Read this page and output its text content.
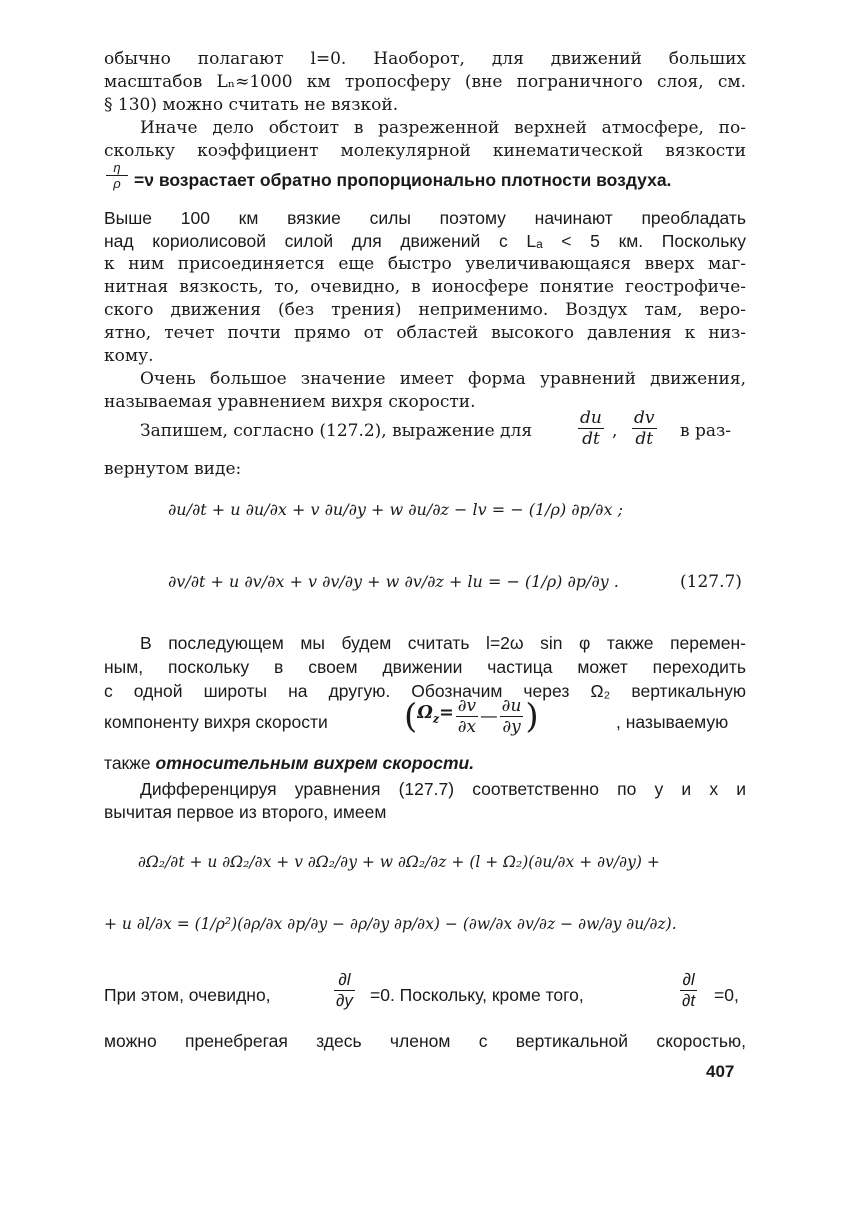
обычно полагают l=0. Наоборот, для движений больших
масштабов Lₙ≈1000 км тропосферу (вне пограничного слоя, см.
§ 130) можно считать не вязкой.
Иначе дело обстоит в разреженной верхней атмосфере, по-
скольку коэффициент молекулярной кинематической вязкости
$\frac{\eta}{\rho} =\nu$ возрастает обратно пропорционально плотности воздуха.
Выше 100 км вязкие силы поэтому начинают преобладать
над кориолисовой силой для движений с Lₐ < 5 км. Поскольку
к ним присоединяется еще быстро увеличивающаяся вверх маг-
нитная вязкость, то, очевидно, в ионосфере понятие геострофиче-
ского движения (без трения) неприменимо. Воздух там, веро-
ятно, течет почти прямо от областей высокого давления к низ-
кому.
Очень большое значение имеет форма уравнений движения,
называемая уравнением вихря скорости.
Запишем, согласно (127.2), выражение для	$\frac{du}{dt}$ , $\frac{dv}{dt}$ в раз-
вернутом виде:
∂u/∂t + u ∂u/∂x + v ∂u/∂y + w ∂u/∂z − lv = − (1/ρ) ∂p/∂x ;
∂v/∂t + u ∂v/∂x + v ∂v/∂y + w ∂v/∂z + lu = − (1/ρ) ∂p/∂y .	(127.7)
В последующем мы будем считать l=2ω sin φ также перемен-
ным, поскольку в своем движении частица может переходить
с одной широты на другую. Обозначим через Ω₂ вертикальную
компоненту вихря скорости ($\Omega_z= \frac{\partial v}{\partial x}$ — $\frac{\partial u}{\partial y}$ )	, называемую
также относительным вихрем скорости.
Дифференцируя уравнения (127.7) соответственно по y и x и
вычитая первое из второго, имеем
∂Ω₂/∂t + u ∂Ω₂/∂x + v ∂Ω₂/∂y + w ∂Ω₂/∂z + (l + Ω₂)(∂u/∂x + ∂v/∂y) +
+ u ∂l/∂x = (1/ρ²)(∂ρ/∂x ∂p/∂y − ∂ρ/∂y ∂p/∂x) − (∂w/∂x ∂v/∂z − ∂w/∂y ∂u/∂z).
При этом, очевидно,	$\frac{\partial l}{\partial y} =0$. Поскольку, кроме того,	$\frac{\partial l}{\partial t} =0$,
можно пренебрегая здесь членом с вертикальной скоростью,
407
